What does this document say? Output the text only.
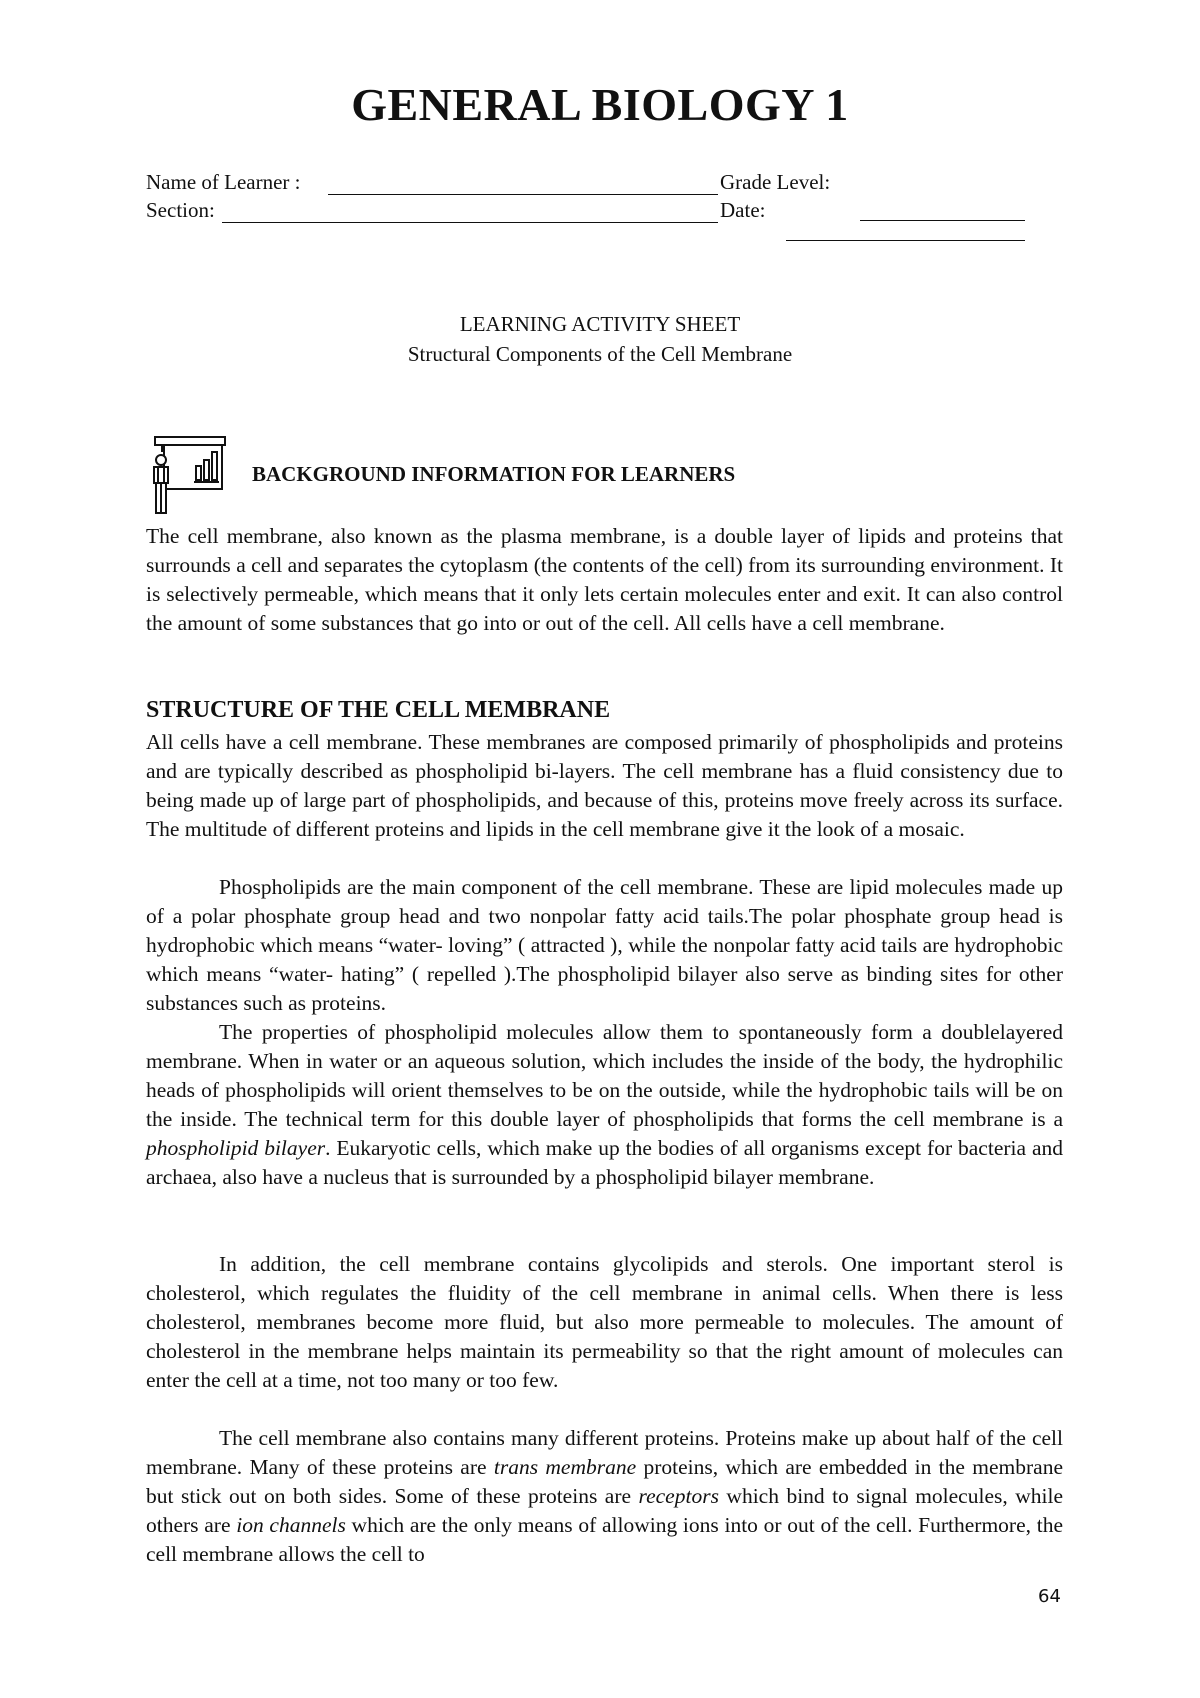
GENERAL BIOLOGY 1
Name of Learner :	Grade Level:
Section:	Date:
LEARNING ACTIVITY SHEET
Structural Components of the Cell Membrane
BACKGROUND INFORMATION FOR LEARNERS

The cell membrane, also known as the plasma membrane, is a double layer of lipids and proteins that surrounds a cell and separates the cytoplasm (the contents of the cell) from its surrounding environment. It is selectively permeable, which means that it only lets certain molecules enter and exit. It can also control the amount of some substances that go into or out of the cell. All cells have a cell membrane.

STRUCTURE OF THE CELL MEMBRANE

All cells have a cell membrane. These membranes are composed primarily of phospholipids and proteins and are typically described as phospholipid bi-layers. The cell membrane has a fluid consistency due to being made up of large part of phospholipids, and because of this, proteins move freely across its surface. The multitude of different proteins and lipids in the cell membrane give it the look of a mosaic.

Phospholipids are the main component of the cell membrane. These are lipid molecules made up of a polar phosphate group head and two nonpolar fatty acid tails.The polar phosphate group head is hydrophobic which means “water- loving” ( attracted ), while the nonpolar fatty acid tails are hydrophobic which means “water- hating” ( repelled ).The phospholipid bilayer also serve as binding sites for other substances such as proteins.

The properties of phospholipid molecules allow them to spontaneously form a doublelayered membrane. When in water or an aqueous solution, which includes the inside of the body, the hydrophilic heads of phospholipids will orient themselves to be on the outside, while the hydrophobic tails will be on the inside. The technical term for this double layer of phospholipids that forms the cell membrane is a phospholipid bilayer. Eukaryotic cells, which make up the bodies of all organisms except for bacteria and archaea, also have a nucleus that is surrounded by a phospholipid bilayer membrane.

In addition, the cell membrane contains glycolipids and sterols. One important sterol is cholesterol, which regulates the fluidity of the cell membrane in animal cells. When there is less cholesterol, membranes become more fluid, but also more permeable to molecules. The amount of cholesterol in the membrane helps maintain its permeability so that the right amount of molecules can enter the cell at a time, not too many or too few.

The cell membrane also contains many different proteins. Proteins make up about half of the cell membrane. Many of these proteins are trans membrane proteins, which are embedded in the membrane but stick out on both sides. Some of these proteins are receptors which bind to signal molecules, while others are ion channels which are the only means of allowing ions into or out of the cell. Furthermore, the cell membrane allows the cell to

64
